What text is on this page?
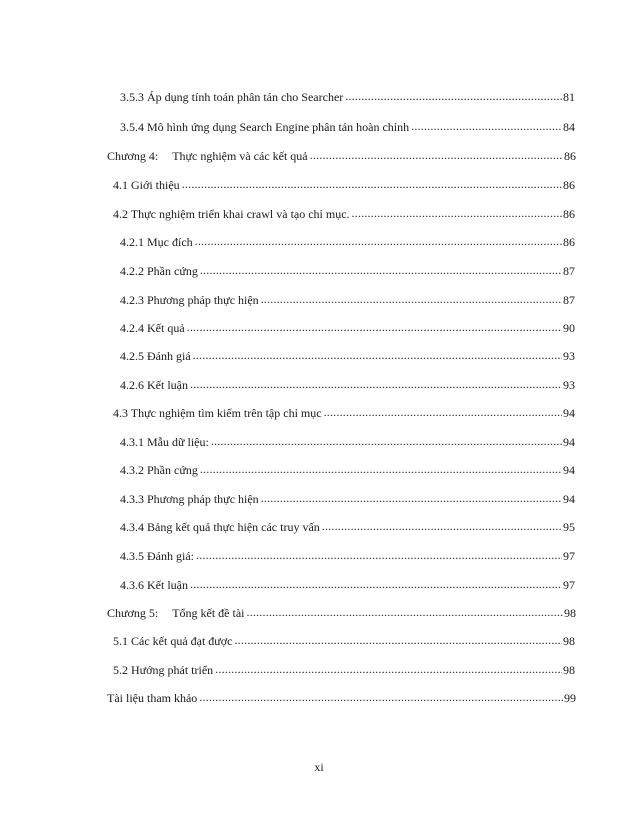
3.5.3 Áp dụng tính toán phân tán cho Searcher .....	81
3.5.4 Mô hình ứng dụng Search Engine phân tán hoàn chỉnh .....	84
Chương 4: Thực nghiệm và các kết quả .....	86
4.1 Giới thiệu .....	86
4.2 Thực nghiệm triển khai crawl và tạo chỉ mục. .....	86
4.2.1 Mục đích .....	86
4.2.2 Phần cứng .....	87
4.2.3 Phương pháp thực hiện .....	87
4.2.4 Kết quả .....	90
4.2.5 Đánh giá .....	93
4.2.6 Kết luận .....	93
4.3 Thực nghiệm tìm kiếm trên tập chỉ mục .....	94
4.3.1 Mẫu dữ liệu: .....	94
4.3.2 Phần cứng .....	94
4.3.3 Phương pháp thực hiện .....	94
4.3.4 Bảng kết quả thực hiện các truy vấn .....	95
4.3.5 Đánh giá: .....	97
4.3.6 Kết luận .....	97
Chương 5: Tổng kết đề tài .....	98
5.1 Các kết quả đạt được .....	98
5.2 Hướng phát triển .....	98
Tài liệu tham khảo .....	99
xi
